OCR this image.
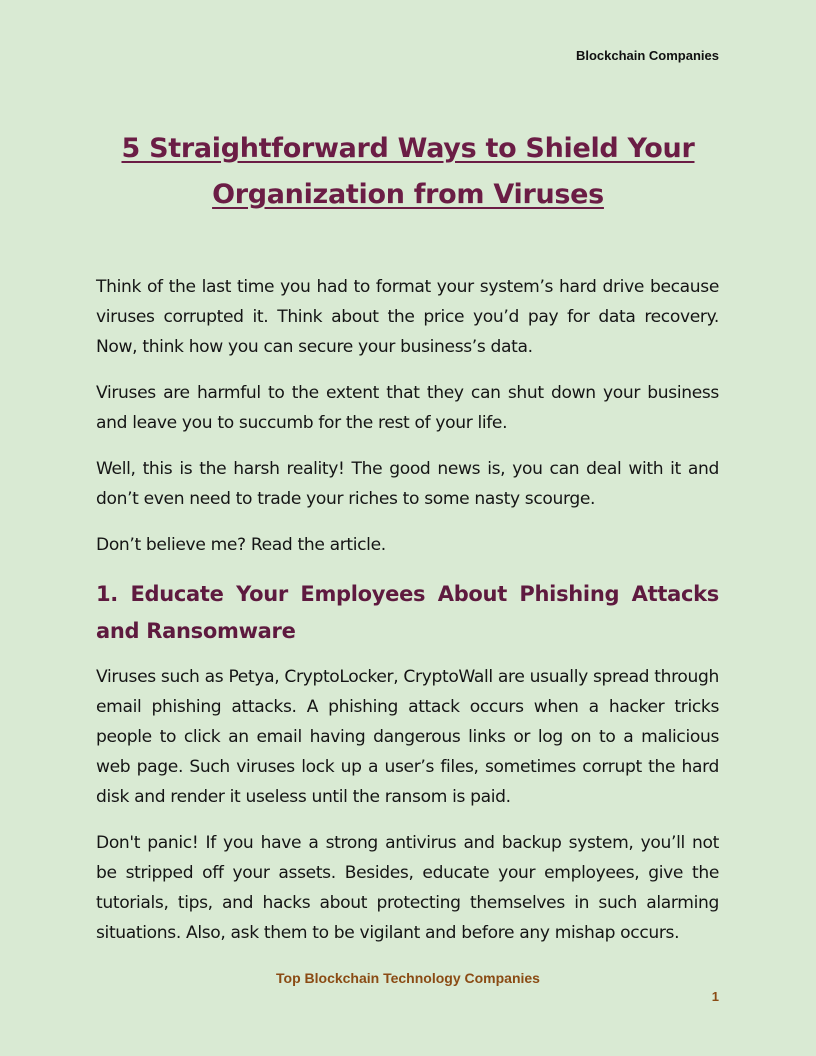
Blockchain Companies
5 Straightforward Ways to Shield Your
Organization from Viruses

Think of the last time you had to format your system’s hard drive because viruses corrupted it. Think about the price you’d pay for data recovery. Now, think how you can secure your business’s data.

Viruses are harmful to the extent that they can shut down your business and leave you to succumb for the rest of your life.

Well, this is the harsh reality! The good news is, you can deal with it and don’t even need to trade your riches to some nasty scourge.

Don’t believe me? Read the article.

1. Educate Your Employees About Phishing Attacks and Ransomware

Viruses such as Petya, CryptoLocker, CryptoWall are usually spread through email phishing attacks. A phishing attack occurs when a hacker tricks people to click an email having dangerous links or log on to a malicious web page. Such viruses lock up a user’s files, sometimes corrupt the hard disk and render it useless until the ransom is paid.

Don't panic! If you have a strong antivirus and backup system, you’ll not be stripped off your assets. Besides, educate your employees, give the tutorials, tips, and hacks about protecting themselves in such alarming situations. Also, ask them to be vigilant and before any mishap occurs.

Top Blockchain Technology Companies
1
